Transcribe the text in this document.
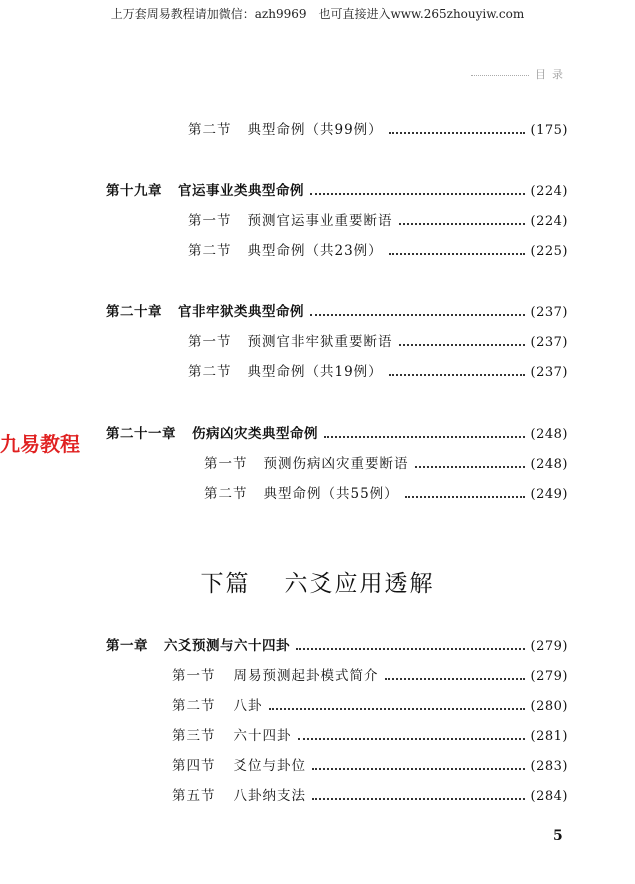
上万套周易教程请加微信：azh9969　也可直接进入www.265zhouyiw.com
目录
九易教程
第二节 典型命例（共99例）	(175)
第十九章 官运事业类典型命例	(224)
第一节 预测官运事业重要断语	(224)
第二节 典型命例（共23例）	(225)
第二十章 官非牢狱类典型命例	(237)
第一节 预测官非牢狱重要断语	(237)
第二节 典型命例（共19例）	(237)
第二十一章 伤病凶灾类典型命例	(248)
第一节 预测伤病凶灾重要断语	(248)
第二节 典型命例（共55例）	(249)
下篇 六爻应用透解
第一章 六爻预测与六十四卦	(279)
第一节 周易预测起卦模式简介	(279)
第二节 八卦	(280)
第三节 六十四卦	(281)
第四节 爻位与卦位	(283)
第五节 八卦纳支法	(284)
5
